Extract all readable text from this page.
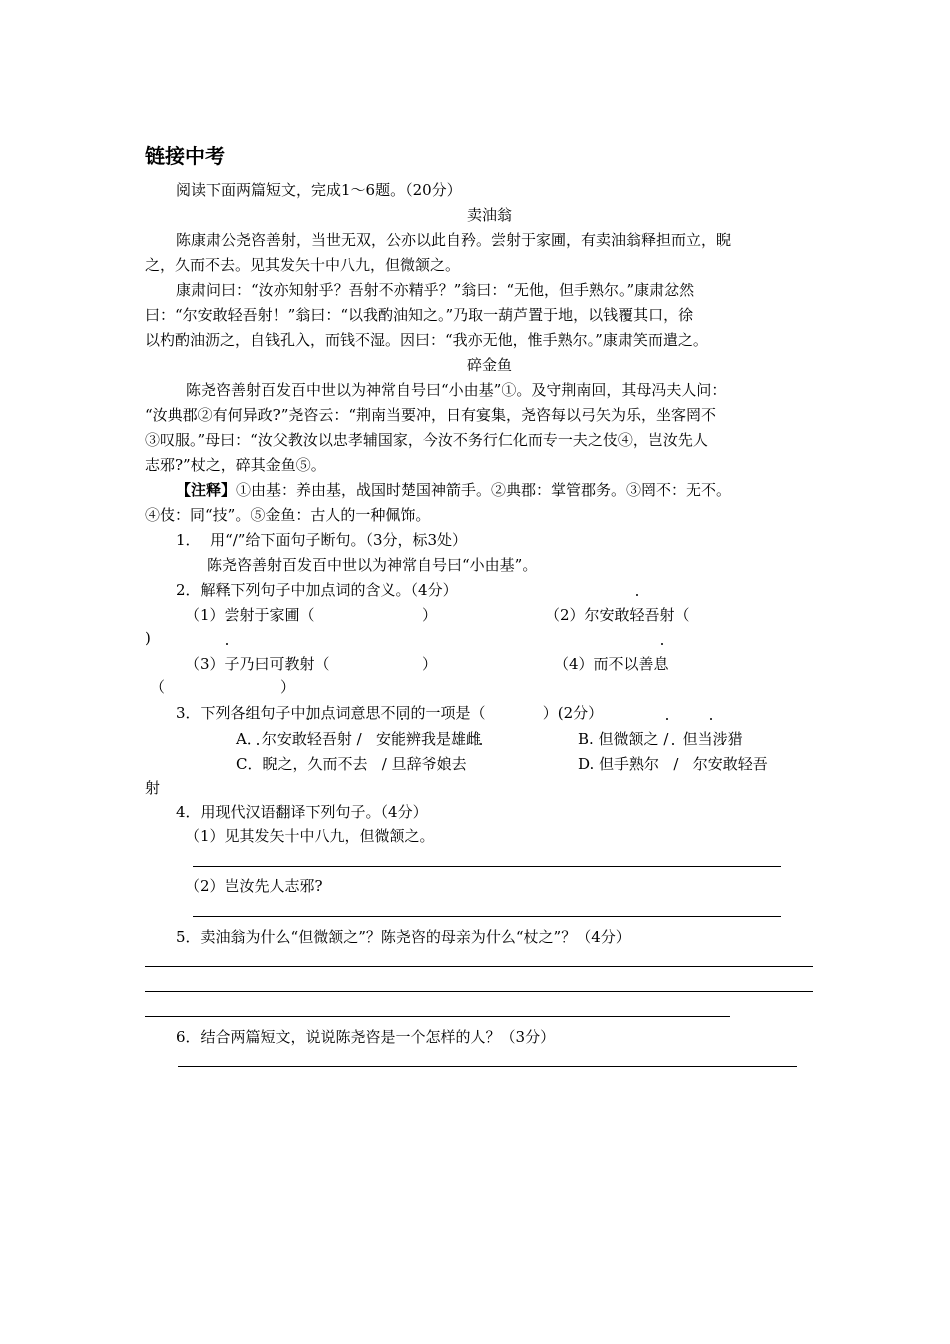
链接中考
阅读下面两篇短文，完成1～6题。（20分）
卖油翁
陈康肃公尧咨善射，当世无双，公亦以此自矜。尝射于家圃，有卖油翁释担而立，睨
之，久而不去。见其发矢十中八九，但微颔之。
康肃问曰：“汝亦知射乎？吾射不亦精乎？”翁曰：“无他，但手熟尔。”康肃忿然
曰：“尔安敢轻吾射！”翁曰：“以我酌油知之。”乃取一葫芦置于地，以钱覆其口，徐
以杓酌油沥之，自钱孔入，而钱不湿。因曰：“我亦无他，惟手熟尔。”康肃笑而遣之。
碎金鱼
陈尧咨善射百发百中世以为神常自号曰“小由基”①。及守荆南回，其母冯夫人问：
“汝典郡②有何异政?”尧咨云：“荆南当要冲，日有宴集，尧咨每以弓矢为乐，坐客罔不
③叹服。”母曰：“汝父教汝以忠孝辅国家，今汝不务行仁化而专一夫之伎④，岂汝先人
志邪?”杖之，碎其金鱼⑤。
【注释】①由基：养由基，战国时楚国神箭手。②典郡：掌管郡务。③罔不：无不。
④伎：同“技”。⑤金鱼：古人的一种佩饰。
1．  用“/”给下面句子断句。（3分，标3处）
陈尧咨善射百发百中世以为神常自号曰“小由基”。
2．解释下列句子中加点词的含义。（4分）
（1）尝射于家圃（	）	（2）尔安敢轻吾射（
)
（3）子乃曰可教射（	）	（4）而不以善息
（	）
3．下列各组句子中加点词意思不同的一项是（            ）(2分）
A．尔安敢轻吾射 /   安能辨我是雄雌	B. 但微颔之 /   但当涉猎
C．睨之，久而不去   / 旦辞爷娘去	D. 但手熟尔   /   尔安敢轻吾
射
4．用现代汉语翻译下列句子。（4分）
（1）见其发矢十中八九，但微颔之。
（2）岂汝先人志邪?
5．卖油翁为什么“但微颔之”？陈尧咨的母亲为什么“杖之”？（4分）
6．结合两篇短文，说说陈尧咨是一个怎样的人？（3分）
